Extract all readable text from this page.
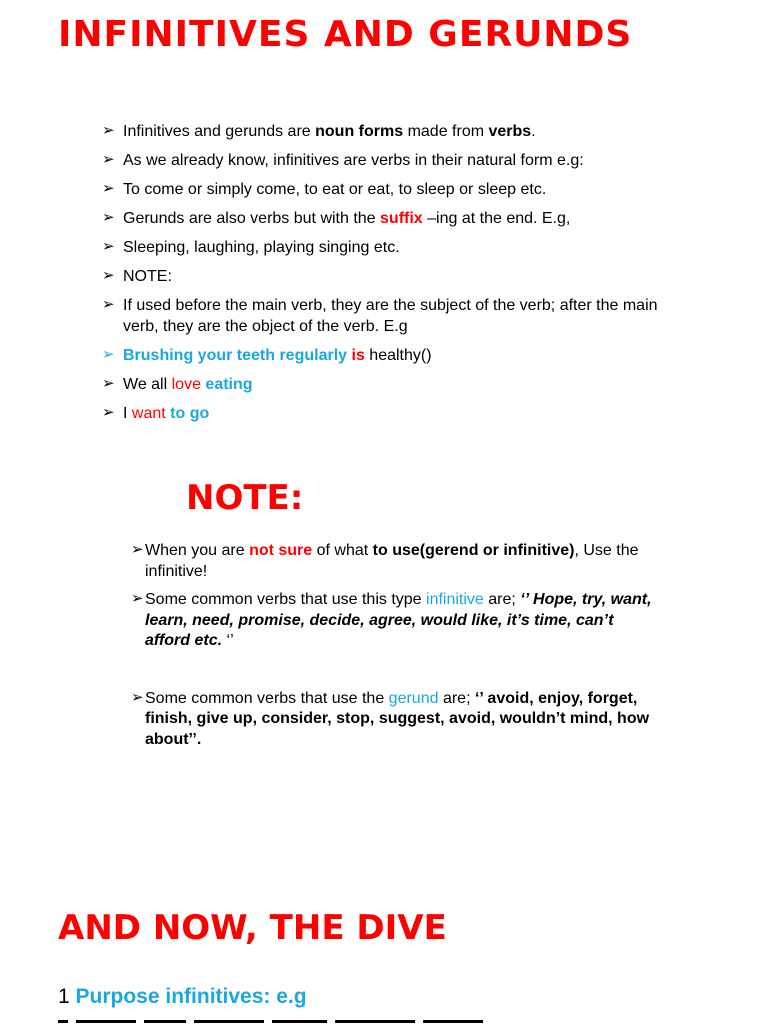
INFINITIVES AND GERUNDS
➢ Infinitives and gerunds are noun forms made from verbs.
➢ As we already know, infinitives are verbs in their natural form e.g:
➢ To come or simply come, to eat or eat, to sleep or sleep etc.
➢ Gerunds are also verbs but with the suffix –ing at the end. E.g,
➢ Sleeping, laughing, playing singing etc.
➢ NOTE:
➢ If used before the main verb, they are the subject of the verb; after the main verb, they are the object of the verb. E.g
➢ Brushing your teeth regularly is healthy()
➢ We all love eating
➢ I want to go
NOTE:
➢ When you are not sure of what to use(gerend or infinitive), Use the infinitive!
➢ Some common verbs that use this type infinitive are; ‘’ Hope, try, want, learn, need, promise, decide, agree, would like, it’s time, can’t afford etc. ‘’
➢ Some common verbs that use the gerund are; ‘’ avoid, enjoy, forget, finish, give up, consider, stop, suggest, avoid, wouldn’t mind, how about’’.
AND NOW, THE DIVE

1 Purpose infinitives: e.g
